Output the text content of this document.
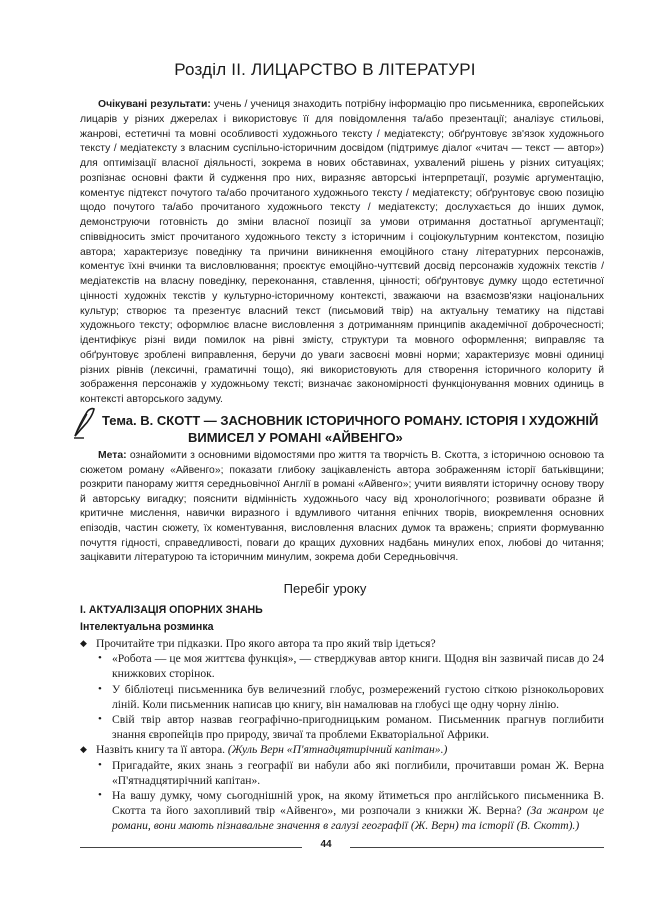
Розділ ІІ. ЛИЦАРСТВО В ЛІТЕРАТУРІ

Очікувані результати: учень / учениця знаходить потрібну інформацію про письменника, європейських лицарів у різних джерелах і використовує її для повідомлення та/або презентації; аналізує стильові, жанрові, естетичні та мовні особливості художнього тексту / медіатексту; обґрунтовує зв'язок художнього тексту / медіатексту з власним суспільно-історичним досвідом (підтримує діалог «читач — текст — автор») для оптимізації власної діяльності, зокрема в нових обставинах, ухвалений рішень у різних ситуаціях; розпізнає основні факти й судження про них, виразняє авторські інтерпретації, розуміє аргументацію, коментує підтекст почутого та/або прочитаного художнього тексту / медіатексту; обґрунтовує свою позицію щодо почутого та/або прочитаного художнього тексту / медіатексту; дослухається до інших думок, демонструючи готовність до зміни власної позиції за умови отримання достатньої аргументації; співвідносить зміст прочитаного художнього тексту з історичним і соціокультурним контекстом, позицію автора; характеризує поведінку та причини виникнення емоційного стану літературних персонажів, коментує їхні вчинки та висловлювання; проєктує емоційно-чуттєвий досвід персонажів художніх текстів / медіатекстів на власну поведінку, переконання, ставлення, цінності; обґрунтовує думку щодо естетичної цінності художніх текстів у культурно-історичному контексті, зважаючи на взаємозв'язки національних культур; створює та презентує власний текст (письмовий твір) на актуальну тематику на підставі художнього тексту; оформлює власне висловлення з дотриманням принципів академічної доброчесності; ідентифікує різні види помилок на рівні змісту, структури та мовного оформлення; виправляє та обґрунтовує зроблені виправлення, беручи до уваги засвоєні мовні норми; характеризує мовні одиниці різних рівнів (лексичні, граматичні тощо), які використовують для створення історичного колориту й зображення персонажів у художньому тексті; визначає закономірності функціонування мовних одиниць в контексті авторського задуму.

Тема. В. СКОТТ — ЗАСНОВНИК ІСТОРИЧНОГО РОМАНУ. ІСТОРІЯ І ХУДОЖНІЙ
ВИМИСЕЛ У РОМАНІ «АЙВЕНГО»

Мета: ознайомити з основними відомостями про життя та творчість В. Скотта, з історичною основою та сюжетом роману «Айвенго»; показати глибоку зацікавленість автора зображенням історії батьківщини; розкрити панораму життя середньовічної Англії в романі «Айвенго»; учити виявляти історичну основу твору й авторську вигадку; пояснити відмінність художнього часу від хронологічного; розвивати образне й критичне мислення, навички виразного і вдумливого читання епічних творів, виокремлення основних епізодів, частин сюжету, їх коментування, висловлення власних думок та вражень; сприяти формуванню почуття гідності, справедливості, поваги до кращих духовних надбань минулих епох, любові до читання; зацікавити літературою та історичним минулим, зокрема доби Середньовіччя.

Перебіг уроку
І. АКТУАЛІЗАЦІЯ ОПОРНИХ ЗНАНЬ
Інтелектуальна розминка
◆ Прочитайте три підказки. Про якого автора та про який твір ідеться?
• «Робота — це моя життєва функція», — стверджував автор книги. Щодня він зазвичай писав до 24 книжкових сторінок.
• У бібліотеці письменника був величезний глобус, розмережений густою сіткою різнокольорових ліній. Коли письменник написав цю книгу, він намалював на глобусі ще одну чорну лінію.
• Свій твір автор назвав географічно-пригодницьким романом. Письменник прагнув поглибити знання європейців про природу, звичаї та проблеми Екваторіальної Африки.
◆ Назвіть книгу та її автора. (Жуль Верн «П'ятнадцятирічний капітан».)
• Пригадайте, яких знань з географії ви набули або які поглибили, прочитавши роман Ж. Верна «П'ятнадцятирічний капітан».
• На вашу думку, чому сьогоднішній урок, на якому йтиметься про англійського письменника В. Скотта та його захопливий твір «Айвенго», ми розпочали з книжки Ж. Верна? (За жанром це романи, вони мають пізнавальне значення в галузі географії (Ж. Верн) та історії (В. Скотт).)
44
